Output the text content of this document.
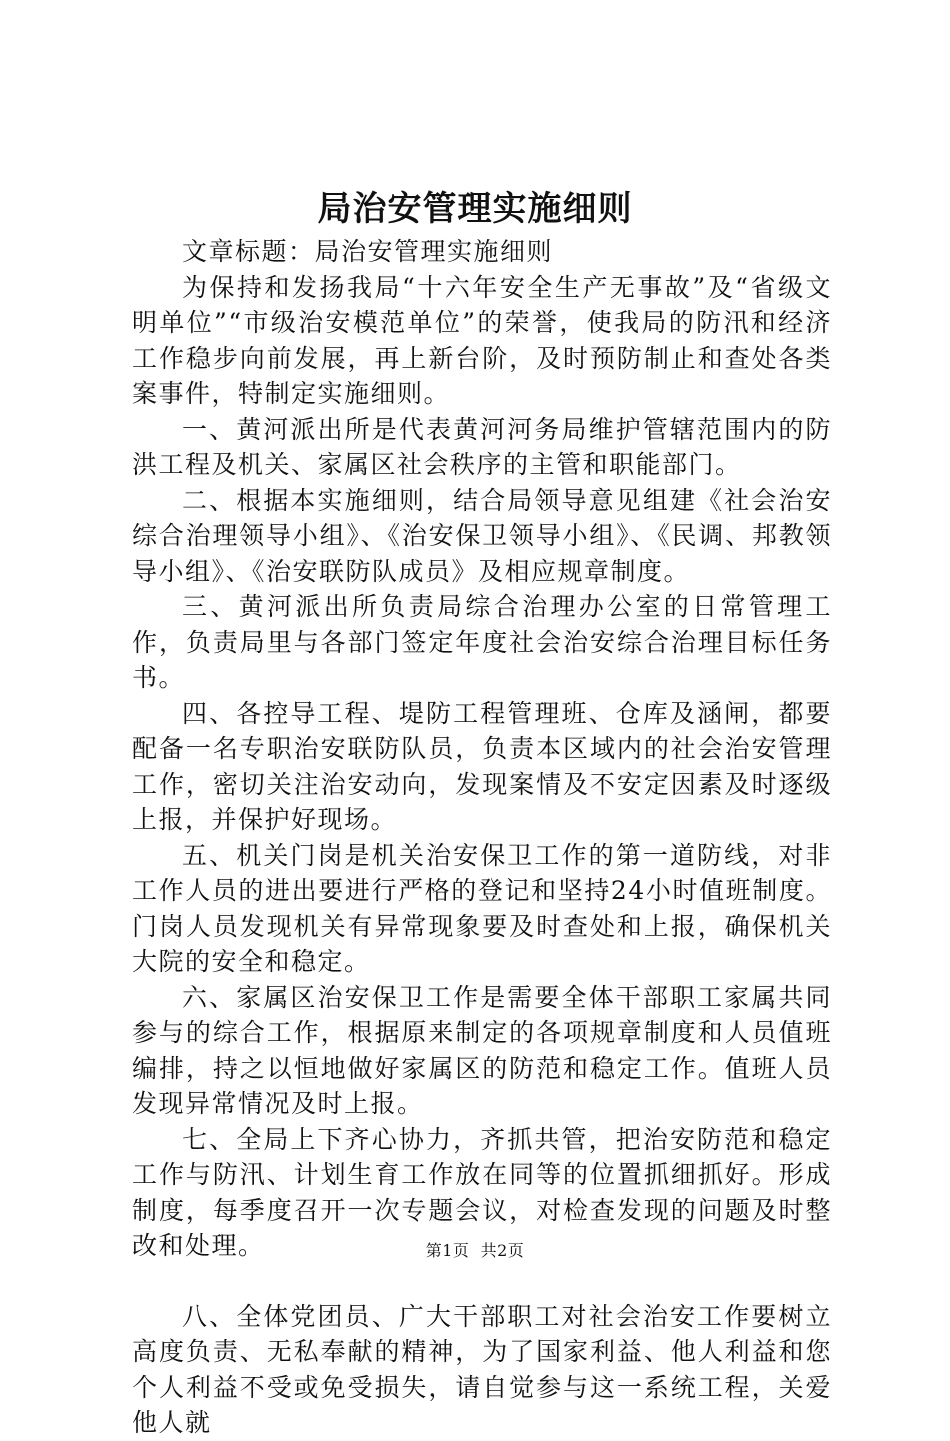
局治安管理实施细则

文章标题：局治安管理实施细则

为保持和发扬我局“十六年安全生产无事故”及“省级文明单位”“市级治安模范单位”的荣誉，使我局的防汛和经济工作稳步向前发展，再上新台阶，及时预防制止和查处各类案事件，特制定实施细则。

一、黄河派出所是代表黄河河务局维护管辖范围内的防洪工程及机关、家属区社会秩序的主管和职能部门。

二、根据本实施细则，结合局领导意见组建《社会治安综合治理领导小组》、《治安保卫领导小组》、《民调、邦教领导小组》、《治安联防队成员》及相应规章制度。

三、黄河派出所负责局综合治理办公室的日常管理工作，负责局里与各部门签定年度社会治安综合治理目标任务书。

四、各控导工程、堤防工程管理班、仓库及涵闸，都要配备一名专职治安联防队员，负责本区域内的社会治安管理工作，密切关注治安动向，发现案情及不安定因素及时逐级上报，并保护好现场。

五、机关门岗是机关治安保卫工作的第一道防线，对非工作人员的进出要进行严格的登记和坚持24小时值班制度。门岗人员发现机关有异常现象要及时查处和上报，确保机关大院的安全和稳定。

六、家属区治安保卫工作是需要全体干部职工家属共同参与的综合工作，根据原来制定的各项规章制度和人员值班编排，持之以恒地做好家属区的防范和稳定工作。值班人员发现异常情况及时上报。

七、全局上下齐心协力，齐抓共管，把治安防范和稳定工作与防汛、计划生育工作放在同等的位置抓细抓好。形成制度，每季度召开一次专题会议，对检查发现的问题及时整改和处理。

八、全体党团员、广大干部职工对社会治安工作要树立高度负责、无私奉献的精神，为了国家利益、他人利益和您个人利益不受或免受损失，请自觉参与这一系统工程，关爱他人就

第1页  共2页
